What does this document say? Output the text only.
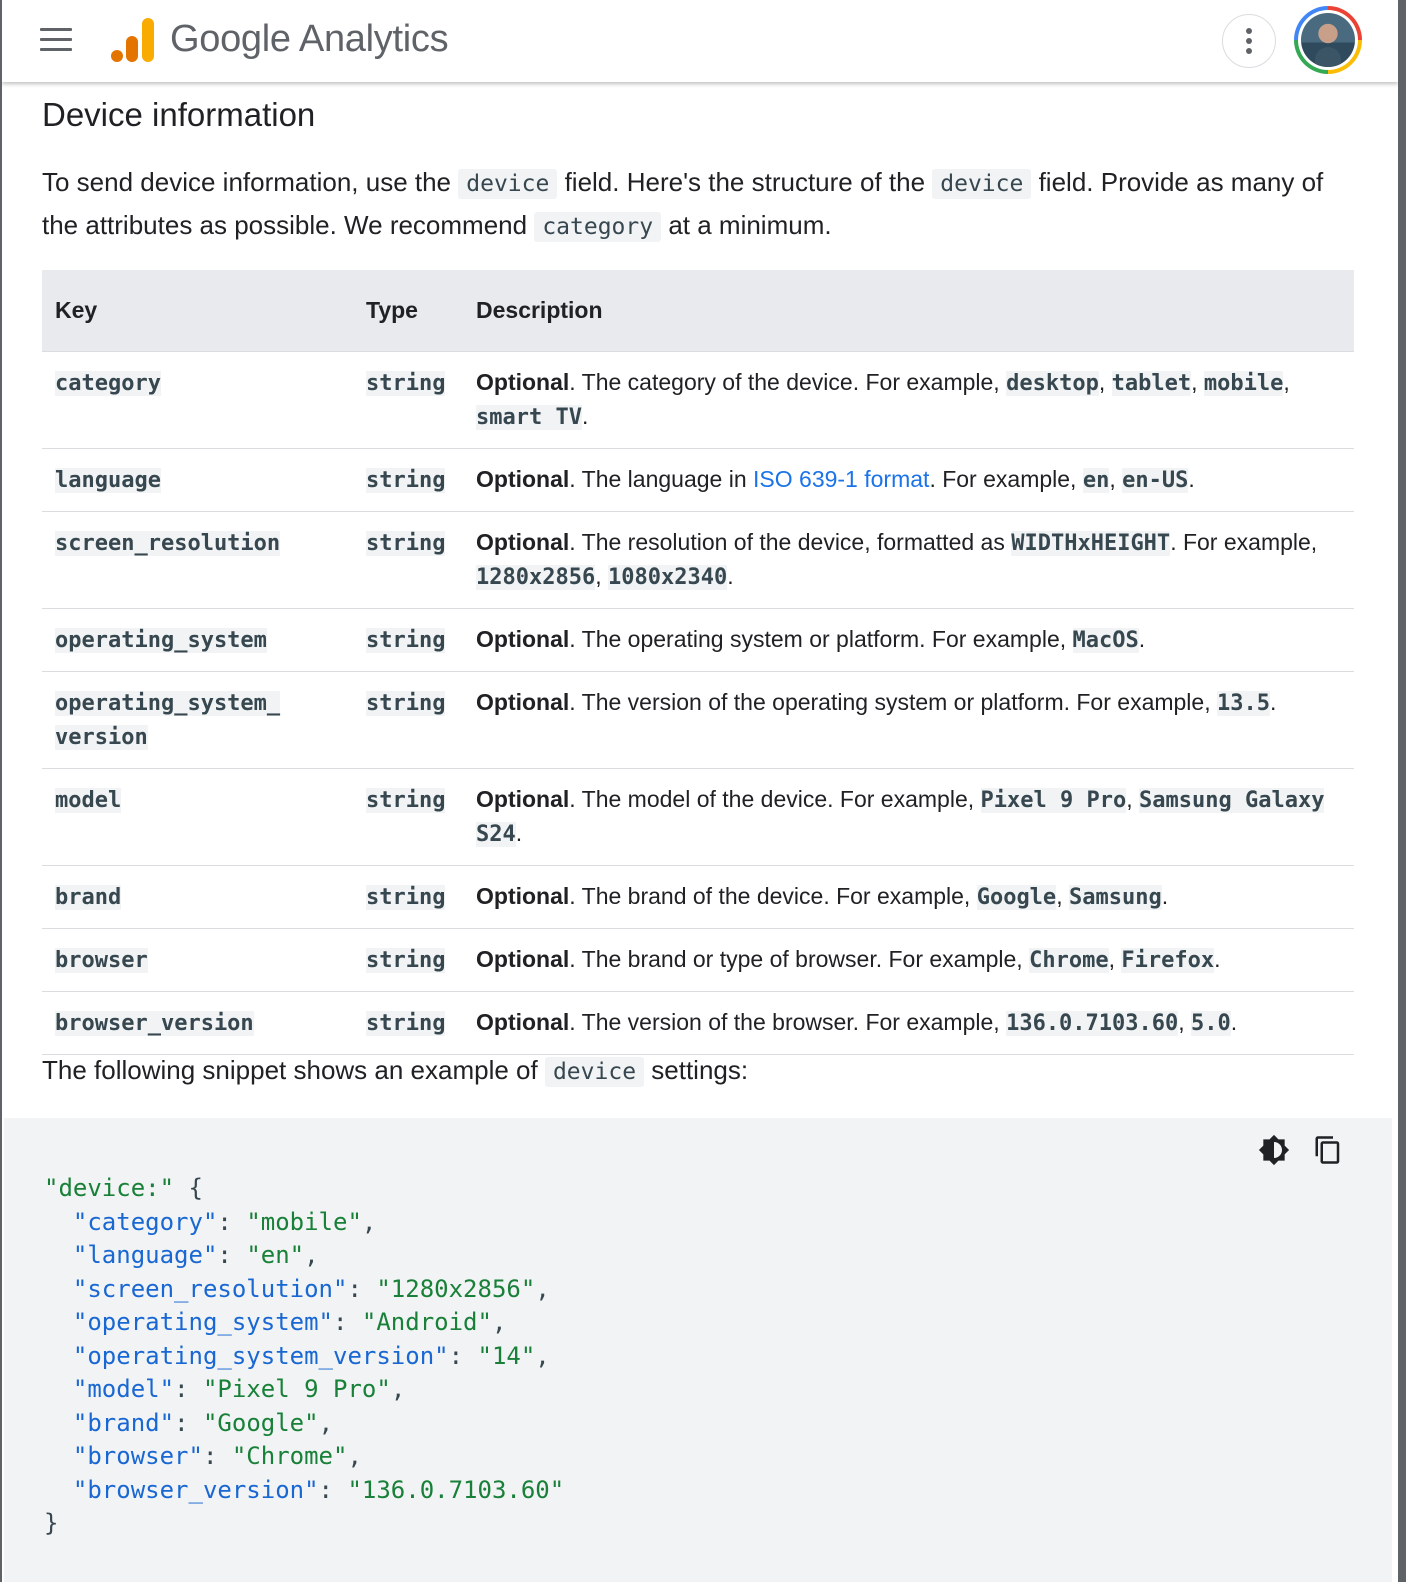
Google Analytics
Device information

To send device information, use the device field. Here's the structure of the device field. Provide as many of the attributes as possible. We recommend category at a minimum.

Key	Type	Description
category	string	Optional. The category of the device. For example, desktop, tablet, mobile, smart TV.
language	string	Optional. The language in ISO 639-1 format. For example, en, en-US.
screen_resolution	string	Optional. The resolution of the device, formatted as WIDTHxHEIGHT. For example, 1280x2856, 1080x2340.
operating_system	string	Optional. The operating system or platform. For example, MacOS.
operating_system_
version	string	Optional. The version of the operating system or platform. For example, 13.5.
model	string	Optional. The model of the device. For example, Pixel 9 Pro, Samsung Galaxy S24.
brand	string	Optional. The brand of the device. For example, Google, Samsung.
browser	string	Optional. The brand or type of browser. For example, Chrome, Firefox.
browser_version	string	Optional. The version of the browser. For example, 136.0.7103.60, 5.0.

The following snippet shows an example of device settings:

"device:" {
"category": "mobile",
"language": "en",
"screen_resolution": "1280x2856",
"operating_system": "Android",
"operating_system_version": "14",
"model": "Pixel 9 Pro",
"brand": "Google",
"browser": "Chrome",
"browser_version": "136.0.7103.60"
}
